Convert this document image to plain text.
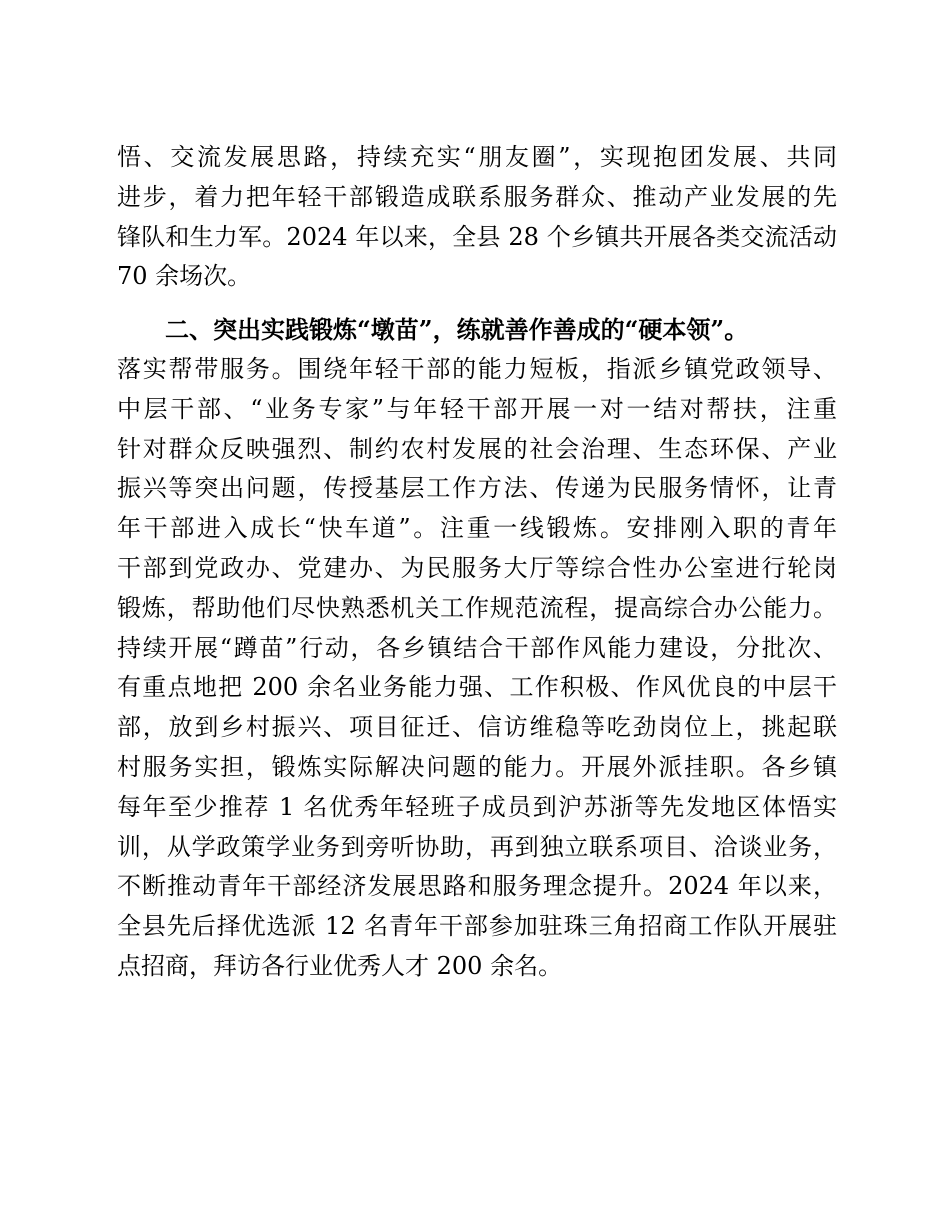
悟、交流发展思路，持续充实“朋友圈”，实现抱团发展、共同
进步，着力把年轻干部锻造成联系服务群众、推动产业发展的先
锋队和生力军。2024 年以来，全县 28 个乡镇共开展各类交流活动
70 余场次。
二、突出实践锻炼“墩苗”，练就善作善成的“硬本领”。
落实帮带服务。围绕年轻干部的能力短板，指派乡镇党政领导、
中层干部、“业务专家”与年轻干部开展一对一结对帮扶，注重
针对群众反映强烈、制约农村发展的社会治理、生态环保、产业
振兴等突出问题，传授基层工作方法、传递为民服务情怀，让青
年干部进入成长“快车道”。注重一线锻炼。安排刚入职的青年
干部到党政办、党建办、为民服务大厅等综合性办公室进行轮岗
锻炼，帮助他们尽快熟悉机关工作规范流程，提高综合办公能力。
持续开展“蹲苗”行动，各乡镇结合干部作风能力建设，分批次、
有重点地把 200 余名业务能力强、工作积极、作风优良的中层干
部，放到乡村振兴、项目征迁、信访维稳等吃劲岗位上，挑起联
村服务实担，锻炼实际解决问题的能力。开展外派挂职。各乡镇
每年至少推荐 1 名优秀年轻班子成员到沪苏浙等先发地区体悟实
训，从学政策学业务到旁听协助，再到独立联系项目、洽谈业务，
不断推动青年干部经济发展思路和服务理念提升。2024 年以来，
全县先后择优选派 12 名青年干部参加驻珠三角招商工作队开展驻
点招商，拜访各行业优秀人才 200 余名。
